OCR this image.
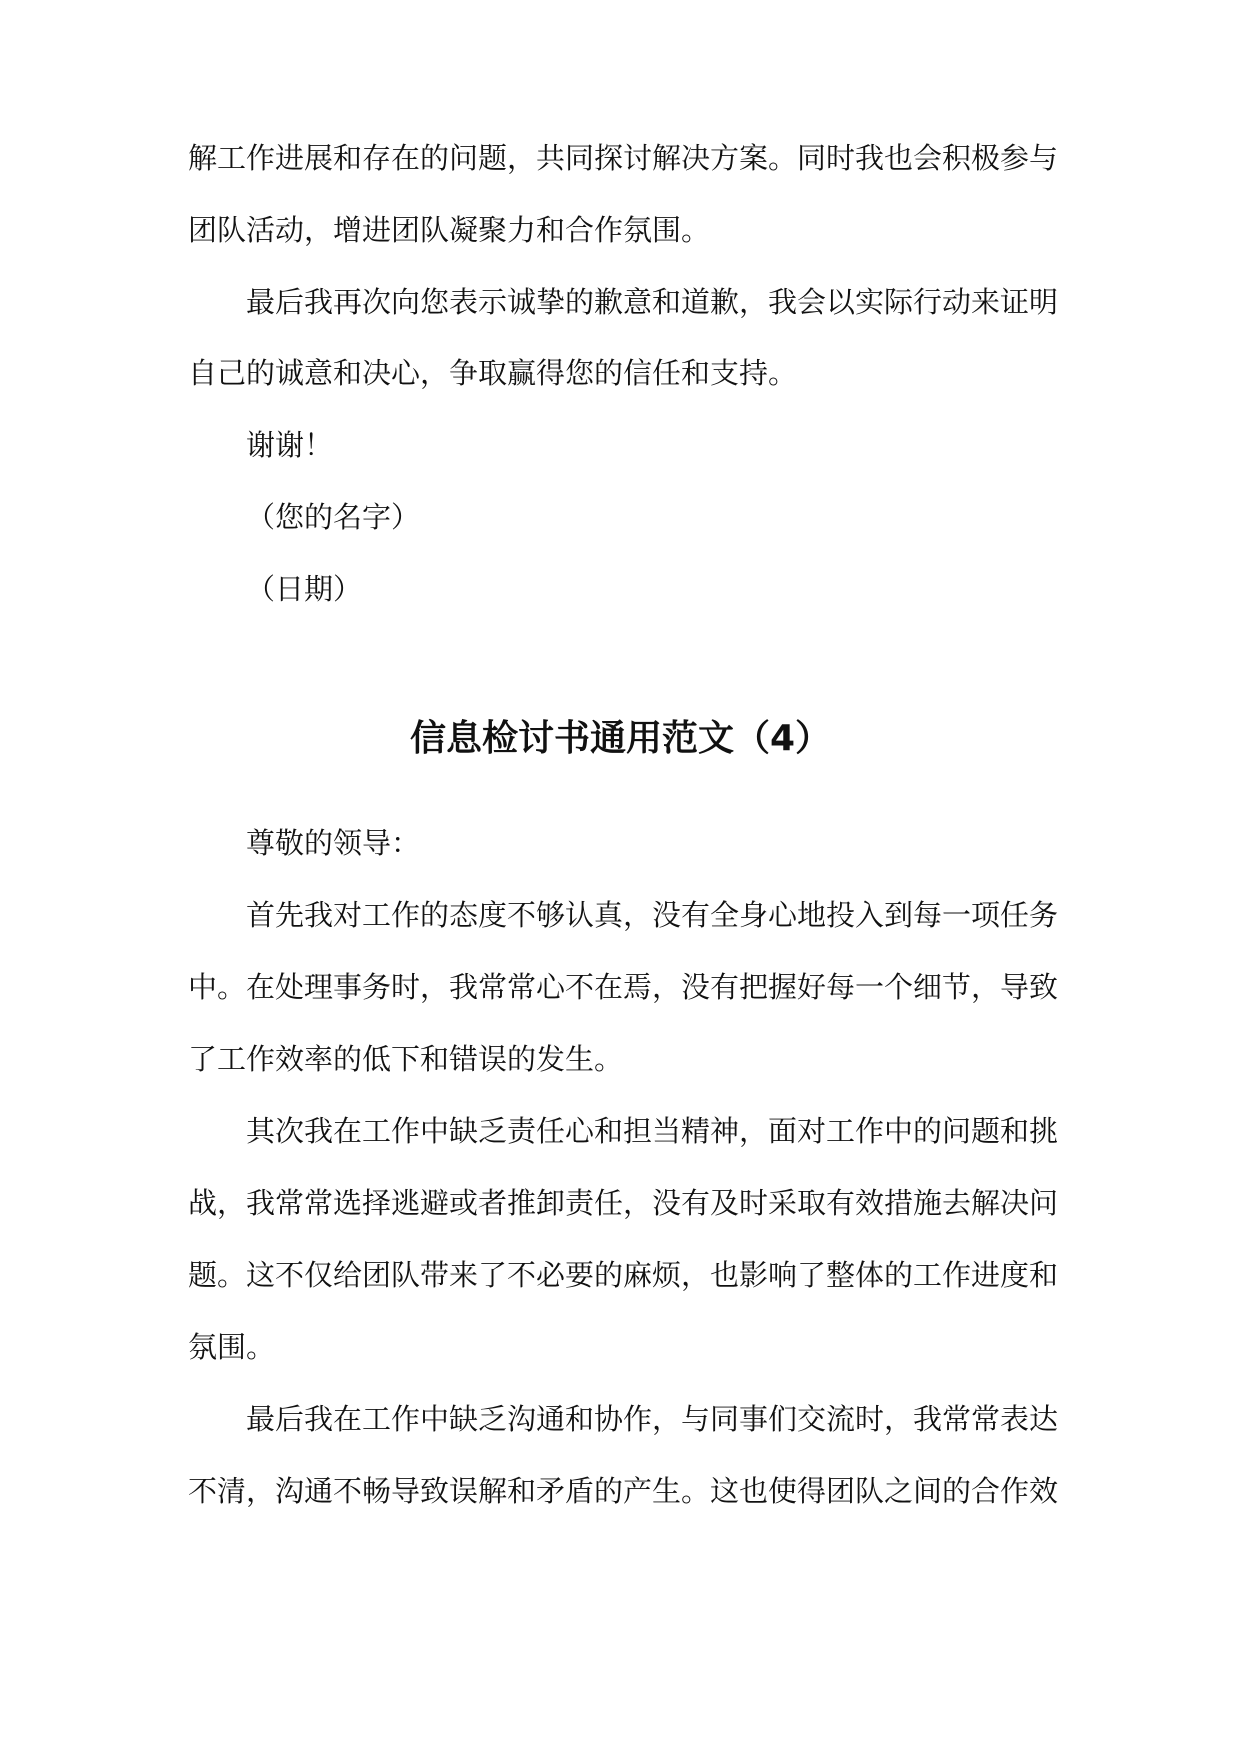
解工作进展和存在的问题，共同探讨解决方案。同时我也会积极参与
团队活动，增进团队凝聚力和合作氛围。
最后我再次向您表示诚挚的歉意和道歉，我会以实际行动来证明
自己的诚意和决心，争取赢得您的信任和支持。
谢谢！
（您的名字）
（日期）
信息检讨书通用范文（4）
尊敬的领导：
首先我对工作的态度不够认真，没有全身心地投入到每一项任务
中。在处理事务时，我常常心不在焉，没有把握好每一个细节，导致
了工作效率的低下和错误的发生。
其次我在工作中缺乏责任心和担当精神，面对工作中的问题和挑
战，我常常选择逃避或者推卸责任，没有及时采取有效措施去解决问
题。这不仅给团队带来了不必要的麻烦，也影响了整体的工作进度和
氛围。
最后我在工作中缺乏沟通和协作，与同事们交流时，我常常表达
不清，沟通不畅导致误解和矛盾的产生。这也使得团队之间的合作效
